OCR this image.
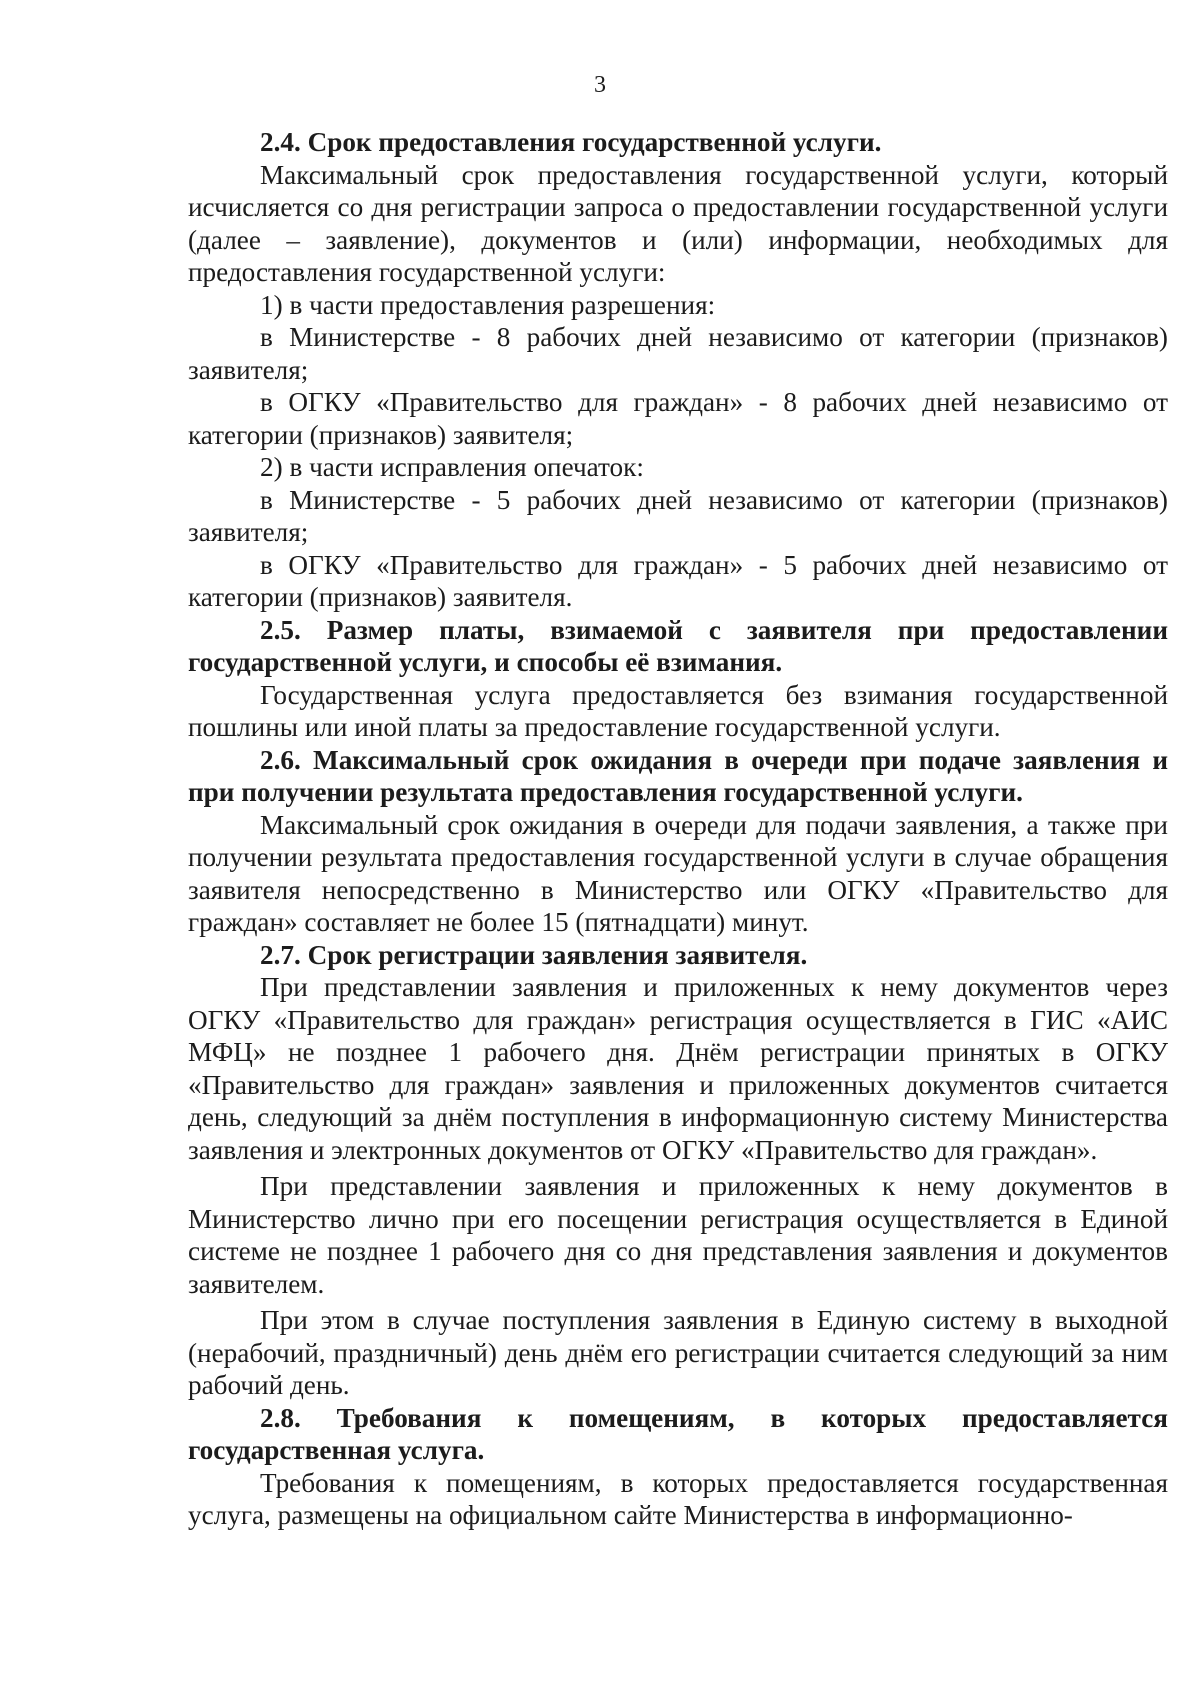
3

2.4. Срок предоставления государственной услуги.

Максимальный срок предоставления государственной услуги, который исчисляется со дня регистрации запроса о предоставлении государственной услуги (далее – заявление), документов и (или) информации, необходимых для предоставления государственной услуги:

1) в части предоставления разрешения:

в Министерстве - 8 рабочих дней независимо от категории (признаков) заявителя;

в ОГКУ «Правительство для граждан» - 8 рабочих дней независимо от категории (признаков) заявителя;

2) в части исправления опечаток:

в Министерстве - 5 рабочих дней независимо от категории (признаков) заявителя;

в ОГКУ «Правительство для граждан» - 5 рабочих дней независимо от категории (признаков) заявителя.

2.5. Размер платы, взимаемой с заявителя при предоставлении государственной услуги, и способы её взимания.

Государственная услуга предоставляется без взимания государственной пошлины или иной платы за предоставление государственной услуги.

2.6. Максимальный срок ожидания в очереди при подаче заявления и при получении результата предоставления государственной услуги.

Максимальный срок ожидания в очереди для подачи заявления, а также при получении результата предоставления государственной услуги в случае обращения заявителя непосредственно в Министерство или ОГКУ «Правительство для граждан» составляет не более 15 (пятнадцати) минут.

2.7. Срок регистрации заявления заявителя.

При представлении заявления и приложенных к нему документов через ОГКУ «Правительство для граждан» регистрация осуществляется в ГИС «АИС МФЦ» не позднее 1 рабочего дня. Днём регистрации принятых в ОГКУ «Правительство для граждан» заявления и приложенных документов считается день, следующий за днём поступления в информационную систему Министерства заявления и электронных документов от ОГКУ «Правительство для граждан».

При представлении заявления и приложенных к нему документов в Министерство лично при его посещении регистрация осуществляется в Единой системе не позднее 1 рабочего дня со дня представления заявления и документов заявителем.

При этом в случае поступления заявления в Единую систему в выходной (нерабочий, праздничный) день днём его регистрации считается следующий за ним рабочий день.

2.8. Требования к помещениям, в которых предоставляется государственная услуга.

Требования к помещениям, в которых предоставляется государственная услуга, размещены на официальном сайте Министерства в информационно-
